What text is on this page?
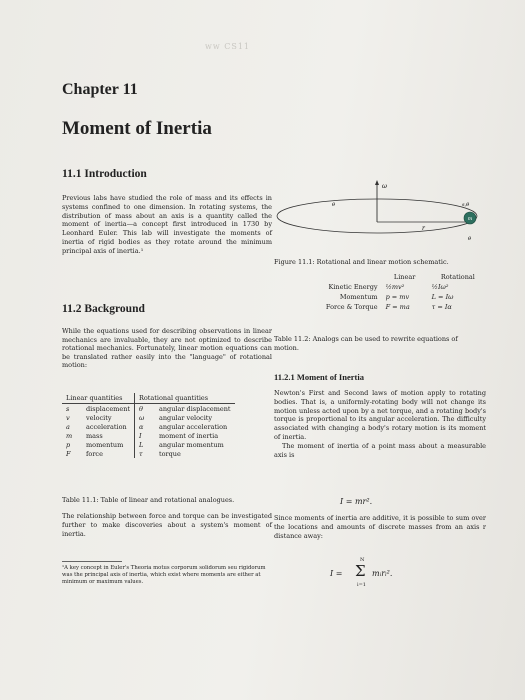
ww CS11
Chapter 11
Moment of Inertia
11.1 Introduction
Previous labs have studied the role of mass and its effects in systems confined to one dimension. In rotating systems, the distribution of mass about an axis is a quantity called the moment of inertia—a concept first introduced in 1730 by Leonhard Euler. This lab will investigate the moments of inertia of rigid bodies as they rotate around the minimum principal axis of inertia.¹
11.2 Background
While the equations used for describing observations in linear mechanics are invaluable, they are not optimized to describe rotational mechanics. Fortunately, linear motion equations can be translated rather easily into the "language" of rotational motion:
Linear quantities		Rotational quantities	
s	displacement	θ	angular displacement
v	velocity	ω	angular velocity
a	acceleration	α	angular acceleration
m	mass	I	moment of inertia
p	momentum	L	angular momentum
F	force	τ	torque
Table 11.1: Table of linear and rotational analogues.
The relationship between force and torque can be investigated further to make discoveries about a system's moment of inertia.
¹A key concept in Euler's Theoria motus corporum solidorum seu rigidorum was the principal axis of inertia, which exist where moments are either at minimum or maximum values.
m
ω
r
s,θ
θ
θ
Figure 11.1: Rotational and linear motion schematic.
	Linear	Rotational
Kinetic Energy	½mv²	½Iω²
Momentum	p = mv	L = Iω
Force & Torque	F = ma	τ = Iα
Table 11.2: Analogs can be used to rewrite equations of motion.
11.2.1 Moment of Inertia
Newton's First and Second laws of motion apply to rotating bodies. That is, a uniformly-rotating body will not change its motion unless acted upon by a net torque, and a rotating body's torque is proportional to its angular acceleration. The difficulty associated with changing a body's rotary motion is its moment of inertia.
The moment of inertia of a point mass about a measurable axis is
I = mr².
Since moments of inertia are additive, it is possible to sum over the locations and amounts of discrete masses from an axis r distance away:
I =
N
Σ
i=1
mᵢrᵢ².
